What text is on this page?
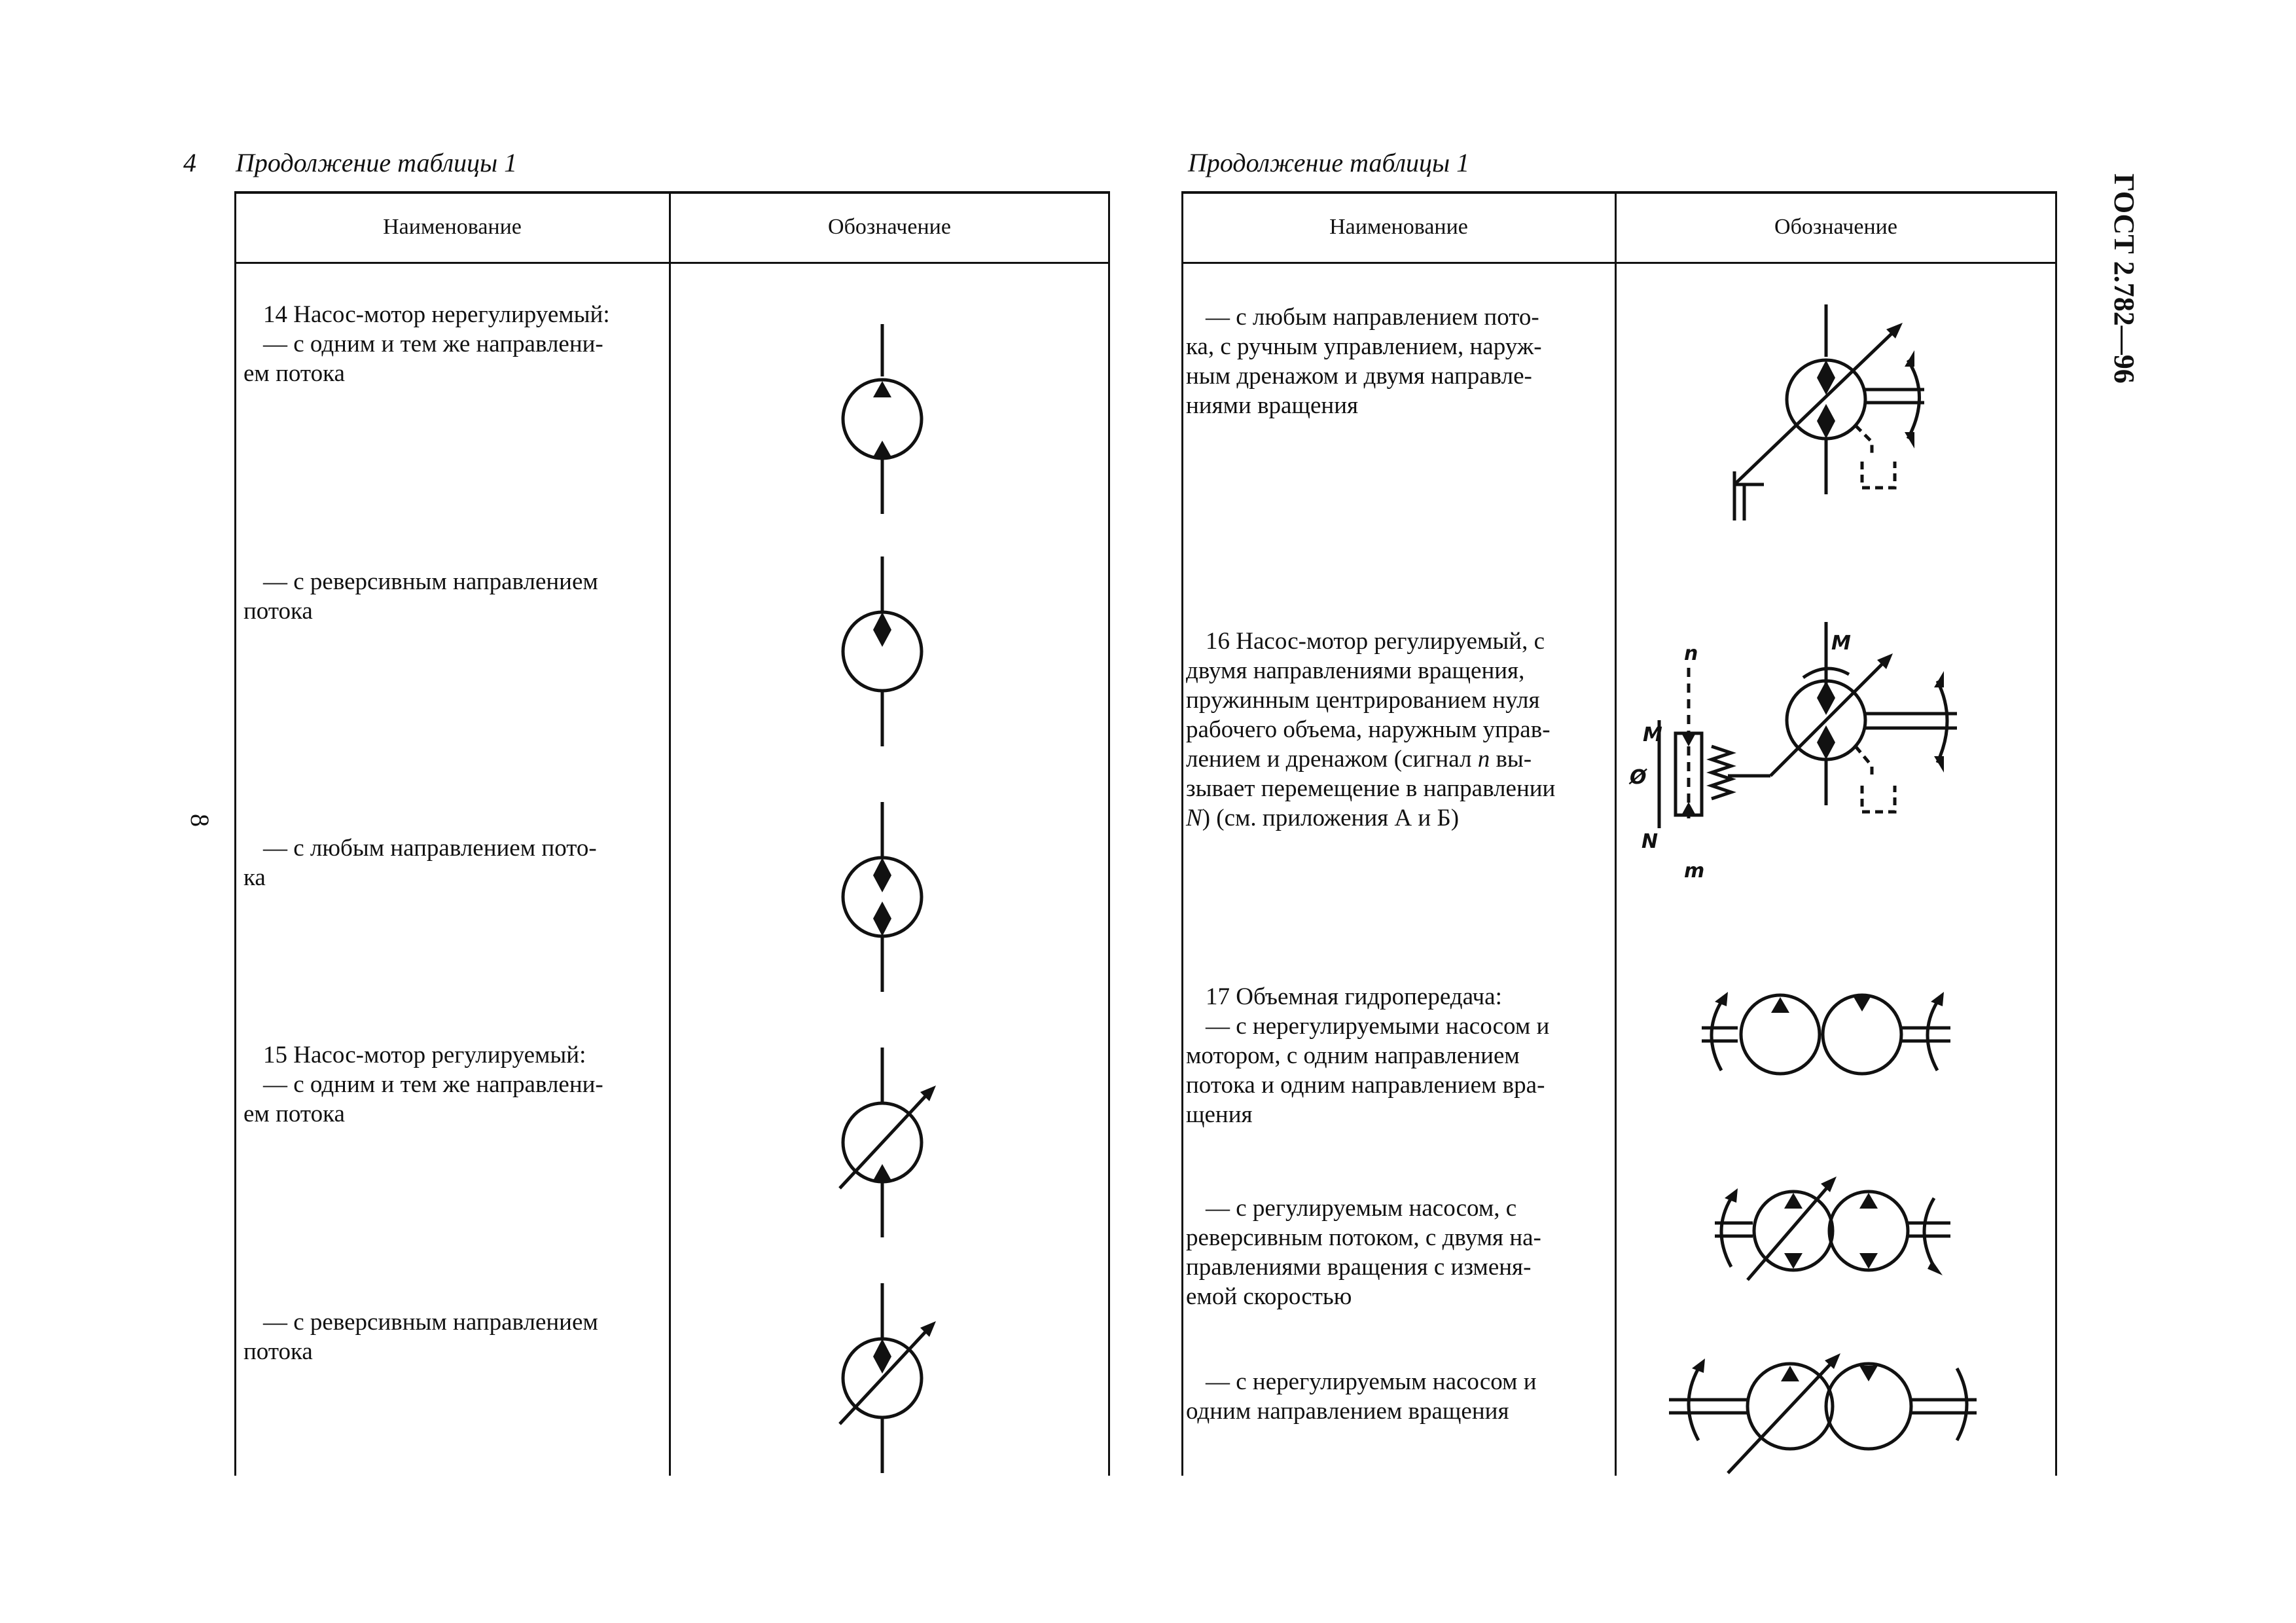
4 Продолжение таблицы 1	Продолжение таблицы 1
ГОСТ 2.782—96
8
Наименование	Обозначение
14 Насос-мотор нерегулируемый:
— с одним и тем же направлени-
ем потока
— с реверсивным направлением
потока
— с любым направлением пото-
ка
15 Насос-мотор регулируемый:
— с одним и тем же направлени-
ем потока
— с реверсивным направлением
потока
Наименование	Обозначение
— с любым направлением пото-
ка, с ручным управлением, наруж-
ным дренажом и двумя направле-
ниями вращения
16 Насос-мотор регулируемый, с
двумя направлениями вращения,
пружинным центрированием нуля
рабочего объема, наружным управ-
лением и дренажом (сигнал n вы-
зывает перемещение в направлении
N) (см. приложения А и Б)
17 Объемная гидропередача:
— с нерегулируемыми насосом и
мотором, с одним направлением
потока и одним направлением вра-
щения
— с регулируемым насосом, с
реверсивным потоком, с двумя на-
правлениями вращения с изменя-
емой скоростью
— с нерегулируемым насосом и
одним направлением вращения
M
n
M
Ø
N
m
